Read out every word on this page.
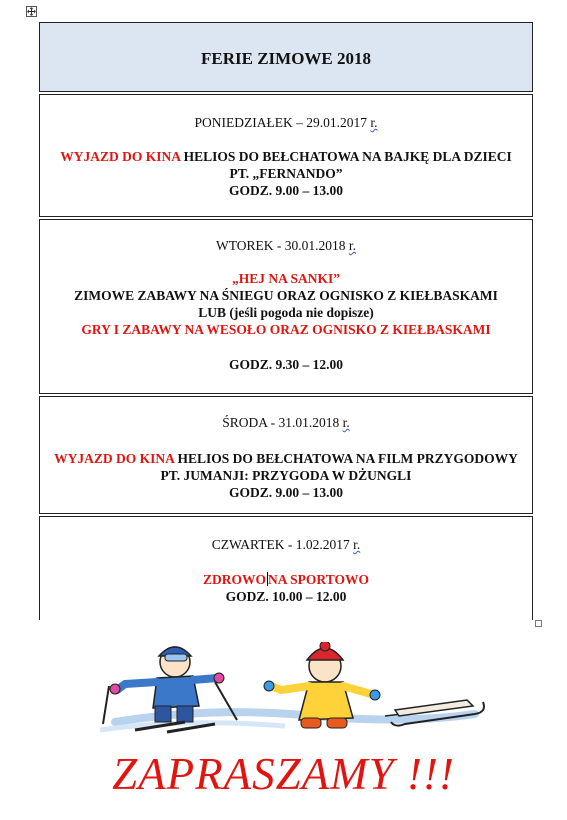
FERIE ZIMOWE 2018
PONIEDZIAŁEK – 29.01.2017 r.
WYJAZD DO KINA HELIOS DO BEŁCHATOWA NA BAJKĘ DLA DZIECI
PT. „FERNANDO”
GODZ. 9.00 – 13.00
WTOREK - 30.01.2018 r.
„HEJ NA SANKI”
ZIMOWE ZABAWY NA ŚNIEGU ORAZ OGNISKO Z KIEŁBASKAMI
LUB (jeśli pogoda nie dopisze)
GRY I ZABAWY NA WESOŁO ORAZ OGNISKO Z KIEŁBASKAMI
GODZ. 9.30 – 12.00
ŚRODA - 31.01.2018 r.
WYJAZD DO KINA HELIOS DO BEŁCHATOWA NA FILM PRZYGODOWY
PT. JUMANJI: PRZYGODA W DŻUNGLI
GODZ. 9.00 – 13.00
CZWARTEK - 1.02.2017 r.
ZDROWO NA SPORTOWO
GODZ. 10.00 – 12.00
ZAPRASZAMY !!!
